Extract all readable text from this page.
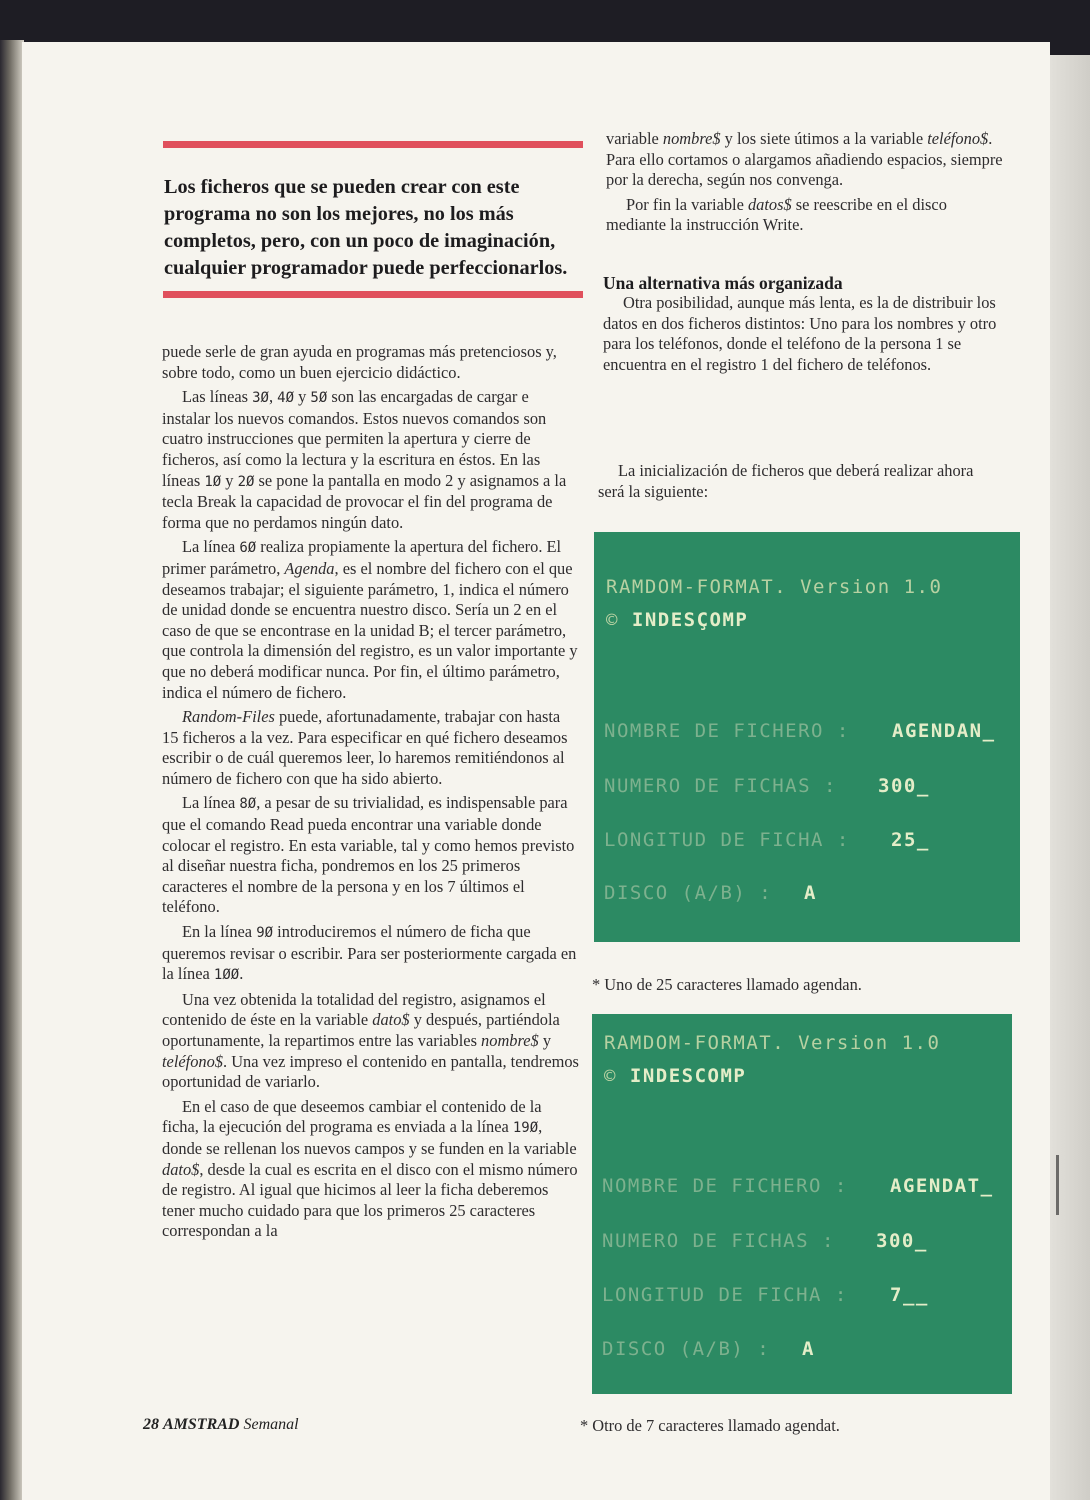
Los ficheros que se pueden crear con este programa no son los mejores, no los más completos, pero, con un poco de imaginación, cualquier programador puede perfeccionarlos.

puede serle de gran ayuda en programas más pretenciosos y, sobre todo, como un buen ejercicio didáctico.

Las líneas 3Ø, 4Ø y 5Ø son las encargadas de cargar e instalar los nuevos comandos. Estos nuevos comandos son cuatro instrucciones que permiten la apertura y cierre de ficheros, así como la lectura y la escritura en éstos. En las líneas 1Ø y 2Ø se pone la pantalla en modo 2 y asignamos a la tecla Break la capacidad de provocar el fin del programa de forma que no perdamos ningún dato.

La línea 6Ø realiza propiamente la apertura del fichero. El primer parámetro, Agenda, es el nombre del fichero con el que deseamos trabajar; el siguiente parámetro, 1, indica el número de unidad donde se encuentra nuestro disco. Sería un 2 en el caso de que se encontrase en la unidad B; el tercer parámetro, que controla la dimensión del registro, es un valor importante y que no deberá modificar nunca. Por fin, el último parámetro, indica el número de fichero.

Random-Files puede, afortunadamente, trabajar con hasta 15 ficheros a la vez. Para especificar en qué fichero deseamos escribir o de cuál queremos leer, lo haremos remitiéndonos al número de fichero con que ha sido abierto.

La línea 8Ø, a pesar de su trivialidad, es indispensable para que el comando Read pueda encontrar una variable donde colocar el registro. En esta variable, tal y como hemos previsto al diseñar nuestra ficha, pondremos en los 25 primeros caracteres el nombre de la persona y en los 7 últimos el teléfono.

En la línea 9Ø introduciremos el número de ficha que queremos revisar o escribir. Para ser posteriormente cargada en la línea 1ØØ.

Una vez obtenida la totalidad del registro, asignamos el contenido de éste en la variable dato$ y después, partiéndola oportunamente, la repartimos entre las variables nombre$ y teléfono$. Una vez impreso el contenido en pantalla, tendremos oportunidad de variarlo.

En el caso de que deseemos cambiar el contenido de la ficha, la ejecución del programa es enviada a la línea 19Ø, donde se rellenan los nuevos campos y se funden en la variable dato$, desde la cual es escrita en el disco con el mismo número de registro. Al igual que hicimos al leer la ficha deberemos tener mucho cuidado para que los primeros 25 caracteres correspondan a la

variable nombre$ y los siete útimos a la variable teléfono$. Para ello cortamos o alargamos añadiendo espacios, siempre por la derecha, según nos convenga.

Por fin la variable datos$ se reescribe en el disco mediante la instrucción Write.

Una alternativa más organizada

Otra posibilidad, aunque más lenta, es la de distribuir los datos en dos ficheros distintos: Uno para los nombres y otro para los teléfonos, donde el teléfono de la persona 1 se encuentra en el registro 1 del fichero de teléfonos.

La inicialización de ficheros que deberá realizar ahora será la siguiente:

RAMDOM-FORMAT. Version 1.0
© INDESÇOMP
NOMBRE DE FICHERO : AGENDAN_
NUMERO DE FICHAS : 300_
LONGITUD DE FICHA : 25_
DISCO (A/B) : A
* Uno de 25 caracteres llamado agendan.
RAMDOM-FORMAT. Version 1.0
© INDESCOMP
NOMBRE DE FICHERO : AGENDAT_
NUMERO DE FICHAS : 300_
LONGITUD DE FICHA : 7__
DISCO (A/B) : A
* Otro de 7 caracteres llamado agendat.
28 AMSTRAD Semanal
